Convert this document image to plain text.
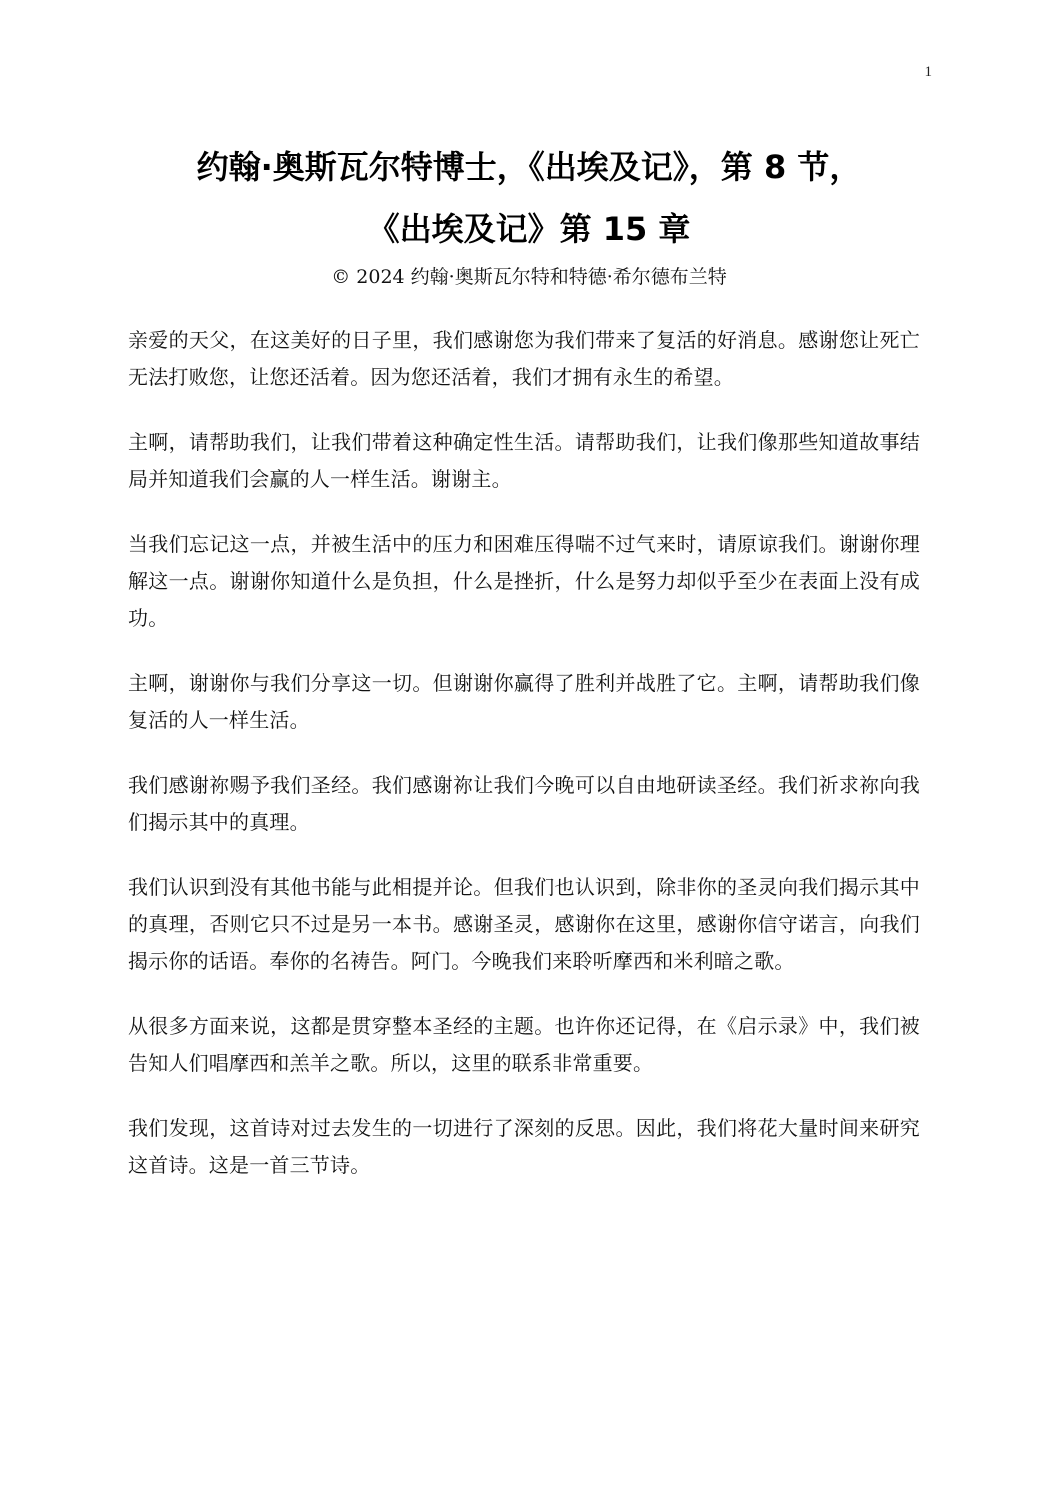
1
约翰·奥斯瓦尔特博士，《出埃及记》，第 8 节，
《出埃及记》第 15 章
© 2024 约翰·奥斯瓦尔特和特德·希尔德布兰特

亲爱的天父，在这美好的日子里，我们感谢您为我们带来了复活的好消息。感谢您让死亡无法打败您，让您还活着。因为您还活着，我们才拥有永生的希望。

主啊，请帮助我们，让我们带着这种确定性生活。请帮助我们，让我们像那些知道故事结局并知道我们会赢的人一样生活。谢谢主。

当我们忘记这一点，并被生活中的压力和困难压得喘不过气来时，请原谅我们。谢谢你理解这一点。谢谢你知道什么是负担，什么是挫折，什么是努力却似乎至少在表面上没有成功。

主啊，谢谢你与我们分享这一切。但谢谢你赢得了胜利并战胜了它。主啊，请帮助我们像复活的人一样生活。

我们感谢祢赐予我们圣经。我们感谢祢让我们今晚可以自由地研读圣经。我们祈求祢向我们揭示其中的真理。

我们认识到没有其他书能与此相提并论。但我们也认识到，除非你的圣灵向我们揭示其中的真理，否则它只不过是另一本书。感谢圣灵，感谢你在这里，感谢你信守诺言，向我们揭示你的话语。奉你的名祷告。阿门。今晚我们来聆听摩西和米利暗之歌。

从很多方面来说，这都是贯穿整本圣经的主题。也许你还记得，在《启示录》中，我们被告知人们唱摩西和羔羊之歌。所以，这里的联系非常重要。

我们发现，这首诗对过去发生的一切进行了深刻的反思。因此，我们将花大量时间来研究这首诗。这是一首三节诗。
